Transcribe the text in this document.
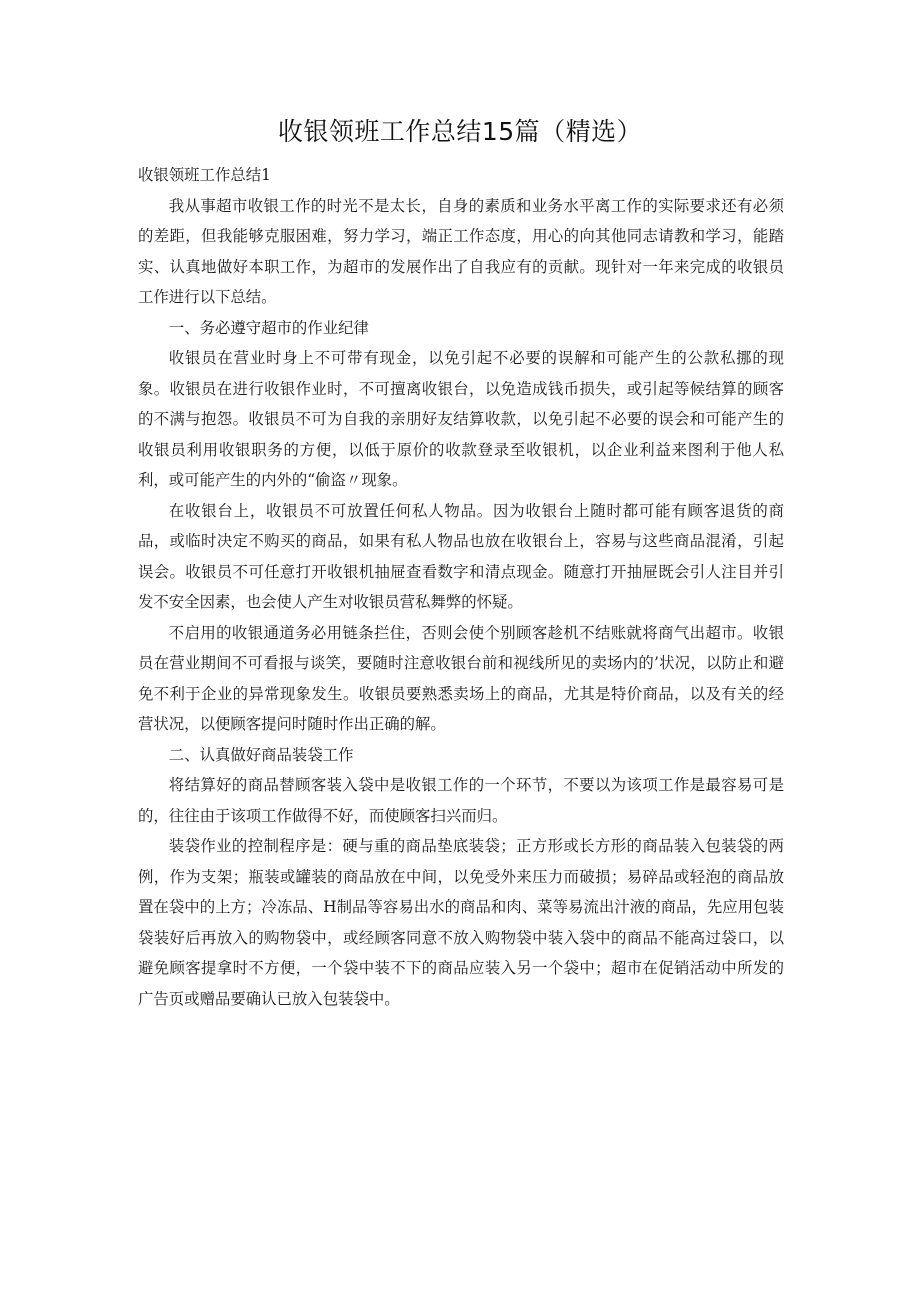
收银领班工作总结15篇（精选）

收银领班工作总结1

我从事超市收银工作的时光不是太长，自身的素质和业务水平离工作的实际要求还有必须的差距，但我能够克服困难，努力学习，端正工作态度，用心的向其他同志请教和学习，能踏实、认真地做好本职工作，为超市的发展作出了自我应有的贡献。现针对一年来完成的收银员工作进行以下总结。

一、务必遵守超市的作业纪律

收银员在营业时身上不可带有现金，以免引起不必要的误解和可能产生的公款私挪的现象。收银员在进行收银作业时，不可擅离收银台，以免造成钱币损失，或引起等候结算的顾客的不满与抱怨。收银员不可为自我的亲朋好友结算收款，以免引起不必要的误会和可能产生的收银员利用收银职务的方便，以低于原价的收款登录至收银机，以企业利益来图利于他人私利，或可能产生的内外的“偷盗〃现象。

在收银台上，收银员不可放置任何私人物品。因为收银台上随时都可能有顾客退货的商品，或临时决定不购买的商品，如果有私人物品也放在收银台上，容易与这些商品混淆，引起误会。收银员不可任意打开收银机抽屉查看数字和清点现金。随意打开抽屉既会引人注目并引发不安全因素，也会使人产生对收银员营私舞弊的怀疑。

不启用的收银通道务必用链条拦住，否则会使个别顾客趁机不结账就将商气出超市。收银员在营业期间不可看报与谈笑，要随时注意收银台前和视线所见的卖场内的’状况，以防止和避免不利于企业的异常现象发生。收银员要熟悉卖场上的商品，尤其是特价商品，以及有关的经营状况，以便顾客提问时随时作出正确的解。

二、认真做好商品装袋工作

将结算好的商品替顾客装入袋中是收银工作的一个环节，不要以为该项工作是最容易可是的，往往由于该项工作做得不好，而使顾客扫兴而归。

装袋作业的控制程序是：硬与重的商品垫底装袋；正方形或长方形的商品装入包装袋的两例，作为支架；瓶装或罐装的商品放在中间，以免受外来压力而破损；易碎品或轻泡的商品放置在袋中的上方；冷冻品、H制品等容易出水的商品和肉、菜等易流出汁液的商品，先应用包装袋装好后再放入的购物袋中，或经顾客同意不放入购物袋中装入袋中的商品不能高过袋口，以避免顾客提拿时不方便，一个袋中装不下的商品应装入另一个袋中；超市在促销活动中所发的广告页或赠品要确认已放入包装袋中。
